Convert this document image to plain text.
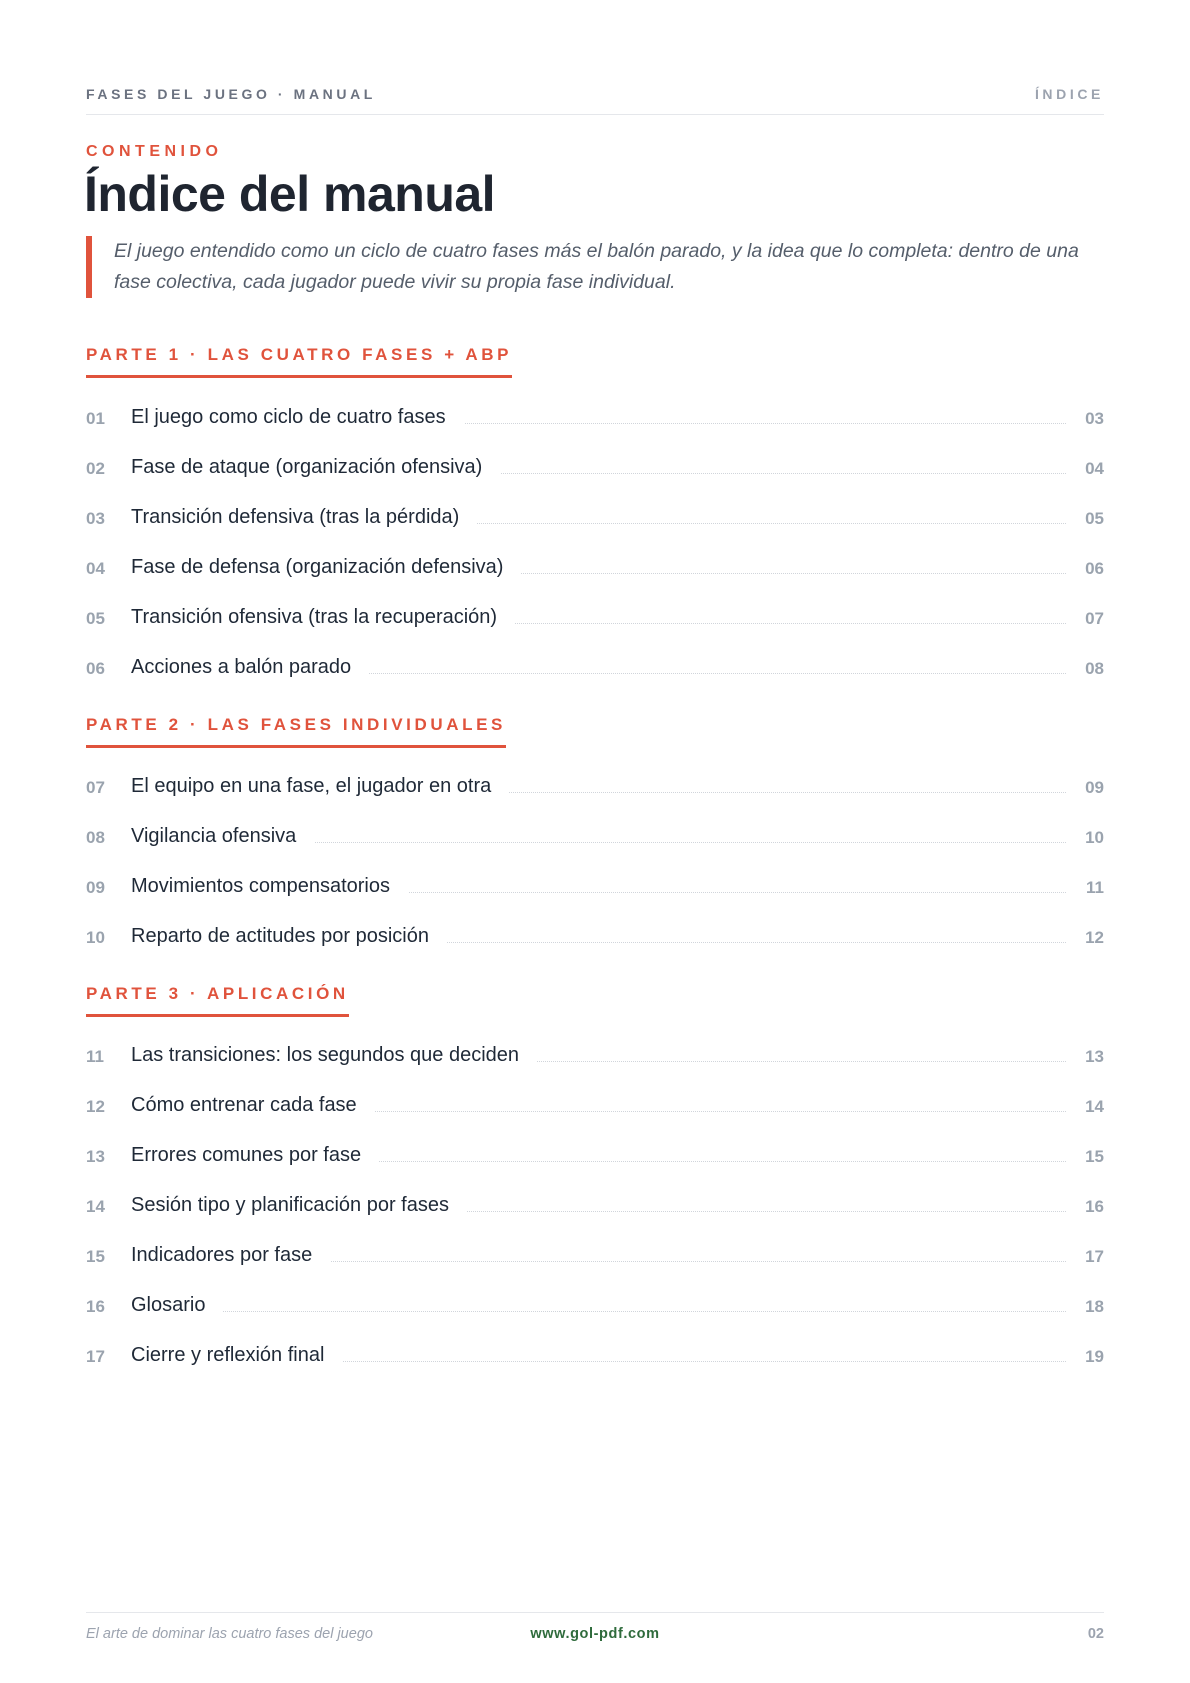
FASES DEL JUEGO · MANUAL	ÍNDICE
CONTENIDO
Índice del manual

El juego entendido como un ciclo de cuatro fases más el balón parado, y la idea que lo completa: dentro de una fase colectiva, cada jugador puede vivir su propia fase individual.

PARTE 1 · LAS CUATRO FASES + ABP
01 El juego como ciclo de cuatro fases	03
02 Fase de ataque (organización ofensiva)	04
03 Transición defensiva (tras la pérdida)	05
04 Fase de defensa (organización defensiva)	06
05 Transición ofensiva (tras la recuperación)	07
06 Acciones a balón parado	08
PARTE 2 · LAS FASES INDIVIDUALES
07 El equipo en una fase, el jugador en otra	09
08 Vigilancia ofensiva	10
09 Movimientos compensatorios	11
10 Reparto de actitudes por posición	12
PARTE 3 · APLICACIÓN
11 Las transiciones: los segundos que deciden	13
12 Cómo entrenar cada fase	14
13 Errores comunes por fase	15
14 Sesión tipo y planificación por fases	16
15 Indicadores por fase	17
16 Glosario	18
17 Cierre y reflexión final	19
El arte de dominar las cuatro fases del juego	www.gol-pdf.com	02
